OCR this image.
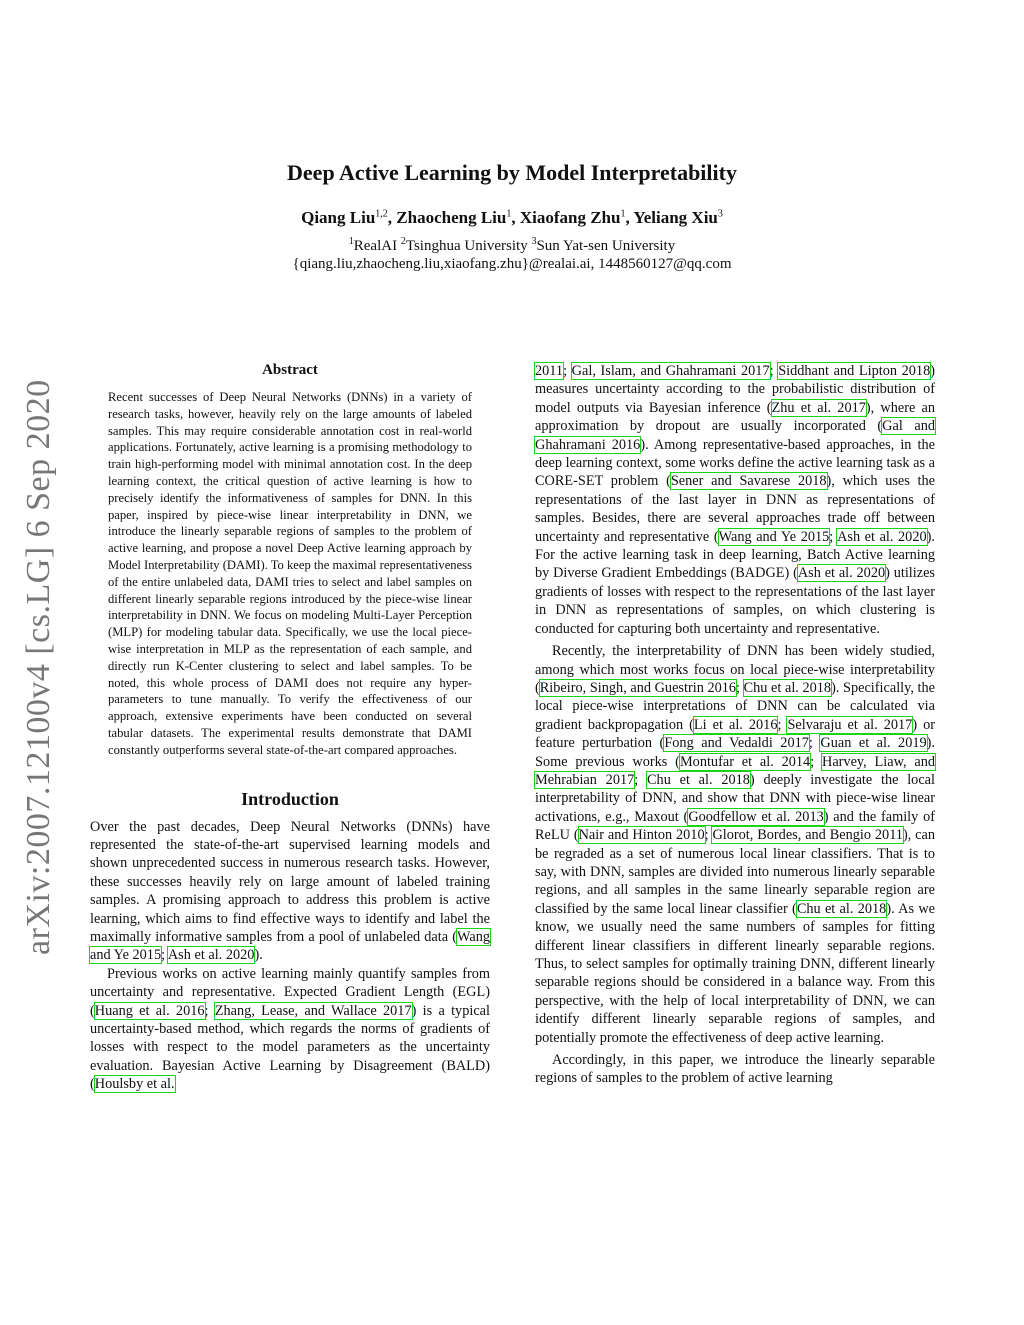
arXiv:2007.12100v4 [cs.LG] 6 Sep 2020
Deep Active Learning by Model Interpretability
Qiang Liu$^{1,2}$, Zhaocheng Liu$^1$, Xiaofang Zhu$^1$, Yeliang Xiu$^3$
$^1$RealAI $^2$Tsinghua University $^3$Sun Yat-sen University
{qiang.liu,zhaocheng.liu,xiaofang.zhu}@realai.ai, 1448560127@qq.com
Abstract

Recent successes of Deep Neural Networks (DNNs) in a variety of research tasks, however, heavily rely on the large amounts of labeled samples. This may require considerable annotation cost in real-world applications. Fortunately, active learning is a promising methodology to train high-performing model with minimal annotation cost. In the deep learning context, the critical question of active learning is how to precisely identify the informativeness of samples for DNN. In this paper, inspired by piece-wise linear interpretability in DNN, we introduce the linearly separable regions of samples to the problem of active learning, and propose a novel Deep Active learning approach by Model Interpretability (DAMI). To keep the maximal representativeness of the entire unlabeled data, DAMI tries to select and label samples on different linearly separable regions introduced by the piece-wise linear interpretability in DNN. We focus on modeling Multi-Layer Perception (MLP) for modeling tabular data. Specifically, we use the local piece-wise interpretation in MLP as the representation of each sample, and directly run K-Center clustering to select and label samples. To be noted, this whole process of DAMI does not require any hyper-parameters to tune manually. To verify the effectiveness of our approach, extensive experiments have been conducted on several tabular datasets. The experimental results demonstrate that DAMI constantly outperforms several state-of-the-art compared approaches.

Introduction

Over the past decades, Deep Neural Networks (DNNs) have represented the state-of-the-art supervised learning models and shown unprecedented success in numerous research tasks. However, these successes heavily rely on large amount of labeled training samples. A promising approach to address this problem is active learning, which aims to find effective ways to identify and label the maximally informative samples from a pool of unlabeled data (Wang and Ye 2015; Ash et al. 2020).

Previous works on active learning mainly quantify samples from uncertainty and representative. Expected Gradient Length (EGL) (Huang et al. 2016; Zhang, Lease, and Wallace 2017) is a typical uncertainty-based method, which regards the norms of gradients of losses with respect to the model parameters as the uncertainty evaluation. Bayesian Active Learning by Disagreement (BALD) (Houlsby et al.

2011; Gal, Islam, and Ghahramani 2017; Siddhant and Lipton 2018) measures uncertainty according to the probabilistic distribution of model outputs via Bayesian inference (Zhu et al. 2017), where an approximation by dropout are usually incorporated (Gal and Ghahramani 2016). Among representative-based approaches, in the deep learning context, some works define the active learning task as a CORE-SET problem (Sener and Savarese 2018), which uses the representations of the last layer in DNN as representations of samples. Besides, there are several approaches trade off between uncertainty and representative (Wang and Ye 2015; Ash et al. 2020). For the active learning task in deep learning, Batch Active learning by Diverse Gradient Embeddings (BADGE) (Ash et al. 2020) utilizes gradients of losses with respect to the representations of the last layer in DNN as representations of samples, on which clustering is conducted for capturing both uncertainty and representative.

Recently, the interpretability of DNN has been widely studied, among which most works focus on local piece-wise interpretability (Ribeiro, Singh, and Guestrin 2016; Chu et al. 2018). Specifically, the local piece-wise interpretations of DNN can be calculated via gradient backpropagation (Li et al. 2016; Selvaraju et al. 2017) or feature perturbation (Fong and Vedaldi 2017; Guan et al. 2019). Some previous works (Montufar et al. 2014; Harvey, Liaw, and Mehrabian 2017; Chu et al. 2018) deeply investigate the local interpretability of DNN, and show that DNN with piece-wise linear activations, e.g., Maxout (Goodfellow et al. 2013) and the family of ReLU (Nair and Hinton 2010; Glorot, Bordes, and Bengio 2011), can be regraded as a set of numerous local linear classifiers. That is to say, with DNN, samples are divided into numerous linearly separable regions, and all samples in the same linearly separable region are classified by the same local linear classifier (Chu et al. 2018). As we know, we usually need the same numbers of samples for fitting different linear classifiers in different linearly separable regions. Thus, to select samples for optimally training DNN, different linearly separable regions should be considered in a balance way. From this perspective, with the help of local interpretability of DNN, we can identify different linearly separable regions of samples, and potentially promote the effectiveness of deep active learning.

Accordingly, in this paper, we introduce the linearly separable regions of samples to the problem of active learning
